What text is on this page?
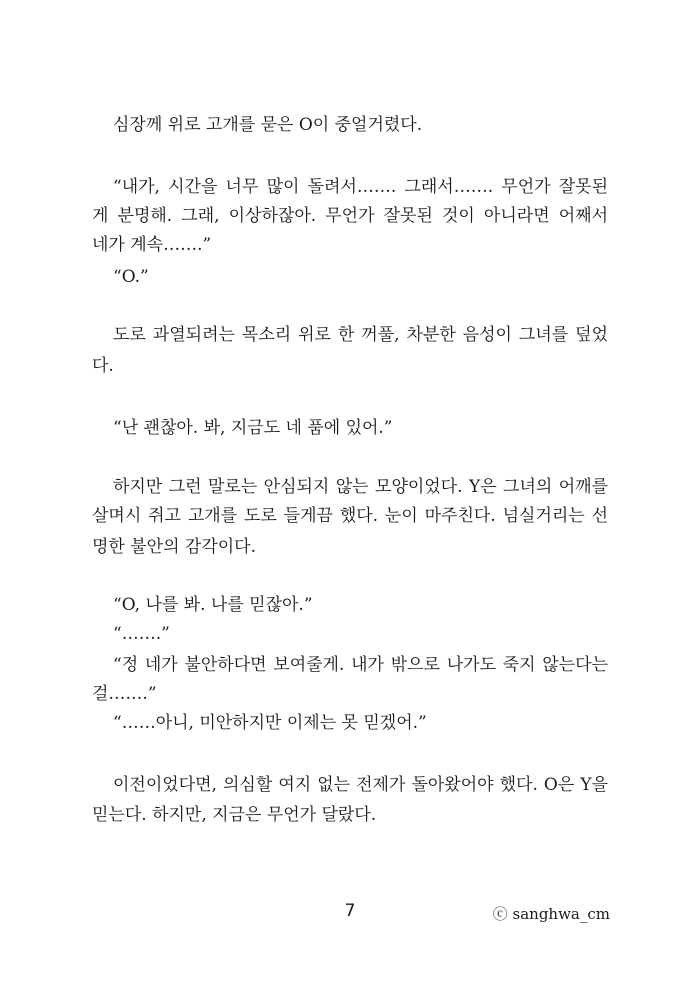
심장께 위로 고개를 묻은 O이 중얼거렸다.
“내가, 시간을 너무 많이 돌려서……. 그래서……. 무언가 잘못된
게 분명해. 그래, 이상하잖아. 무언가 잘못된 것이 아니라면 어째서
네가 계속…….”
“O.”
도로 과열되려는 목소리 위로 한 꺼풀, 차분한 음성이 그녀를 덮었
다.
“난 괜찮아. 봐, 지금도 네 품에 있어.”
하지만 그런 말로는 안심되지 않는 모양이었다. Y은 그녀의 어깨를
살며시 쥐고 고개를 도로 들게끔 했다. 눈이 마주친다. 넘실거리는 선
명한 불안의 감각이다.
“O, 나를 봐. 나를 믿잖아.”
“…….”
“정 네가 불안하다면 보여줄게. 내가 밖으로 나가도 죽지 않는다는
걸…….”
“……아니, 미안하지만 이제는 못 믿겠어.”
이전이었다면, 의심할 여지 없는 전제가 돌아왔어야 했다. O은 Y을
믿는다. 하지만, 지금은 무언가 달랐다.
7	ⓒ sanghwa_cm
